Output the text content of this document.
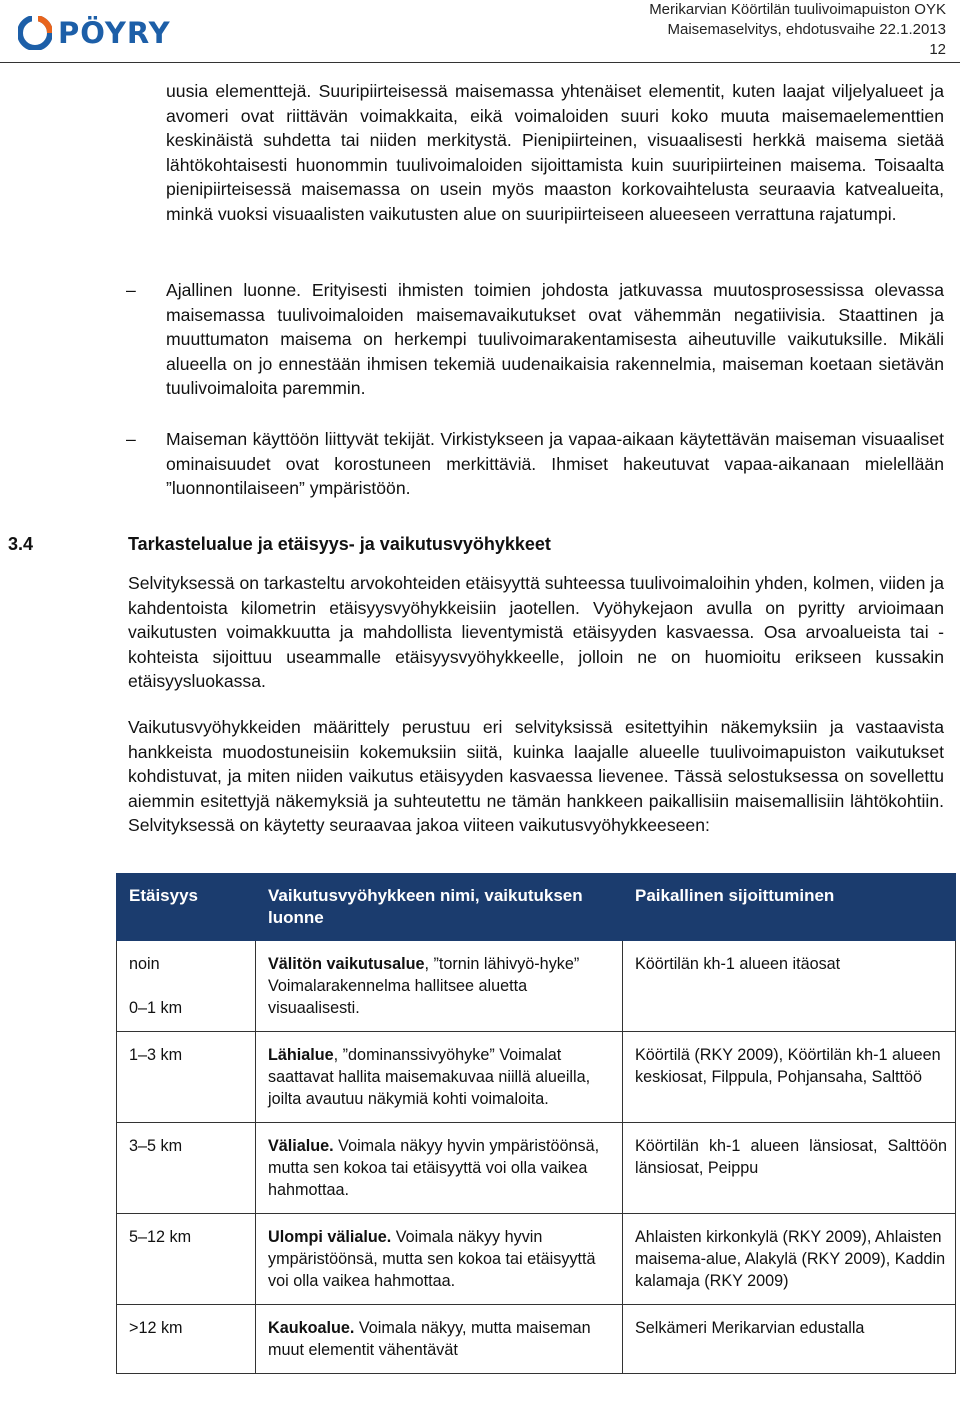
PÖYRY
Merikarvian Köörtilän tuulivoimapuiston OYK
Maisemaselvitys, ehdotusvaihe 22.1.2013
12
uusia elementtejä. Suuripiirteisessä maisemassa yhtenäiset elementit, kuten laajat viljelyalueet ja avomeri ovat riittävän voimakkaita, eikä voimaloiden suuri koko muuta maisemaelementtien keskinäistä suhdetta tai niiden merkitystä. Pienipiirteinen, visuaalisesti herkkä maisema sietää lähtökohtaisesti huonommin tuulivoimaloiden sijoittamista kuin suuripiirteinen maisema. Toisaalta pienipiirteisessä maisemassa on usein myös maaston korkovaihtelusta seuraavia katvealueita, minkä vuoksi visuaalisten vaikutusten alue on suuripiirteiseen alueeseen verrattuna rajatumpi.
–	Ajallinen luonne. Erityisesti ihmisten toimien johdosta jatkuvassa muutosprosessissa olevassa maisemassa tuulivoimaloiden maisemavaikutukset ovat vähemmän negatiivisia. Staattinen ja muuttumaton maisema on herkempi tuulivoimarakentamisesta aiheutuville vaikutuksille. Mikäli alueella on jo ennestään ihmisen tekemiä uudenaikaisia rakennelmia, maiseman koetaan sietävän tuulivoimaloita paremmin.
–	Maiseman käyttöön liittyvät tekijät. Virkistykseen ja vapaa-aikaan käytettävän maiseman visuaaliset ominaisuudet ovat korostuneen merkittäviä. Ihmiset hakeutuvat vapaa-aikanaan mielellään ”luonnontilaiseen” ympäristöön.
3.4	Tarkastelualue ja etäisyys- ja vaikutusvyöhykkeet
Selvityksessä on tarkasteltu arvokohteiden etäisyyttä suhteessa tuulivoimaloihin yhden, kolmen, viiden ja kahdentoista kilometrin etäisyysvyöhykkeisiin jaotellen. Vyöhykejaon avulla on pyritty arvioimaan vaikutusten voimakkuutta ja mahdollista lieventymistä etäisyyden kasvaessa. Osa arvoalueista tai -kohteista sijoittuu useammalle etäisyysvyöhykkeelle, jolloin ne on huomioitu erikseen kussakin etäisyysluokassa.
Vaikutusvyöhykkeiden määrittely perustuu eri selvityksissä esitettyihin näkemyksiin ja vastaavista hankkeista muodostuneisiin kokemuksiin siitä, kuinka laajalle alueelle tuulivoimapuiston vaikutukset kohdistuvat, ja miten niiden vaikutus etäisyyden kasvaessa lievenee. Tässä selostuksessa on sovellettu aiemmin esitettyjä näkemyksiä ja suhteutettu ne tämän hankkeen paikallisiin maisemallisiin lähtökohtiin. Selvityksessä on käytetty seuraavaa jakoa viiteen vaikutusvyöhykkeeseen:
Etäisyys	Vaikutusvyöhykkeen nimi, vaikutuksen luonne	Paikallinen sijoittuminen
noin
0–1 km	Välitön vaikutusalue, ”tornin lähivyö-hyke” Voimalarakennelma hallitsee aluetta visuaalisesti.	Köörtilän kh-1 alueen itäosat
1–3 km	Lähialue, ”dominanssivyöhyke” Voimalat saattavat hallita maisemakuvaa niillä alueilla, joilta avautuu näkymiä kohti voimaloita.	Köörtilä (RKY 2009), Köörtilän kh-1 alueen keskiosat, Filppula, Pohjansaha, Salttöö
3–5 km	Välialue. Voimala näkyy hyvin ympäristöönsä, mutta sen kokoa tai etäisyyttä voi olla vaikea hahmottaa.	Köörtilän kh-1 alueen länsiosat, Salttöön länsiosat, Peippu
5–12 km	Ulompi välialue. Voimala näkyy hyvin ympäristöönsä, mutta sen kokoa tai etäisyyttä voi olla vaikea hahmottaa.	Ahlaisten kirkonkylä (RKY 2009), Ahlaisten maisema-alue, Alakylä (RKY 2009), Kaddin kalamaja (RKY 2009)
>12 km	Kaukoalue. Voimala näkyy, mutta maiseman muut elementit vähentävät	Selkämeri Merikarvian edustalla
